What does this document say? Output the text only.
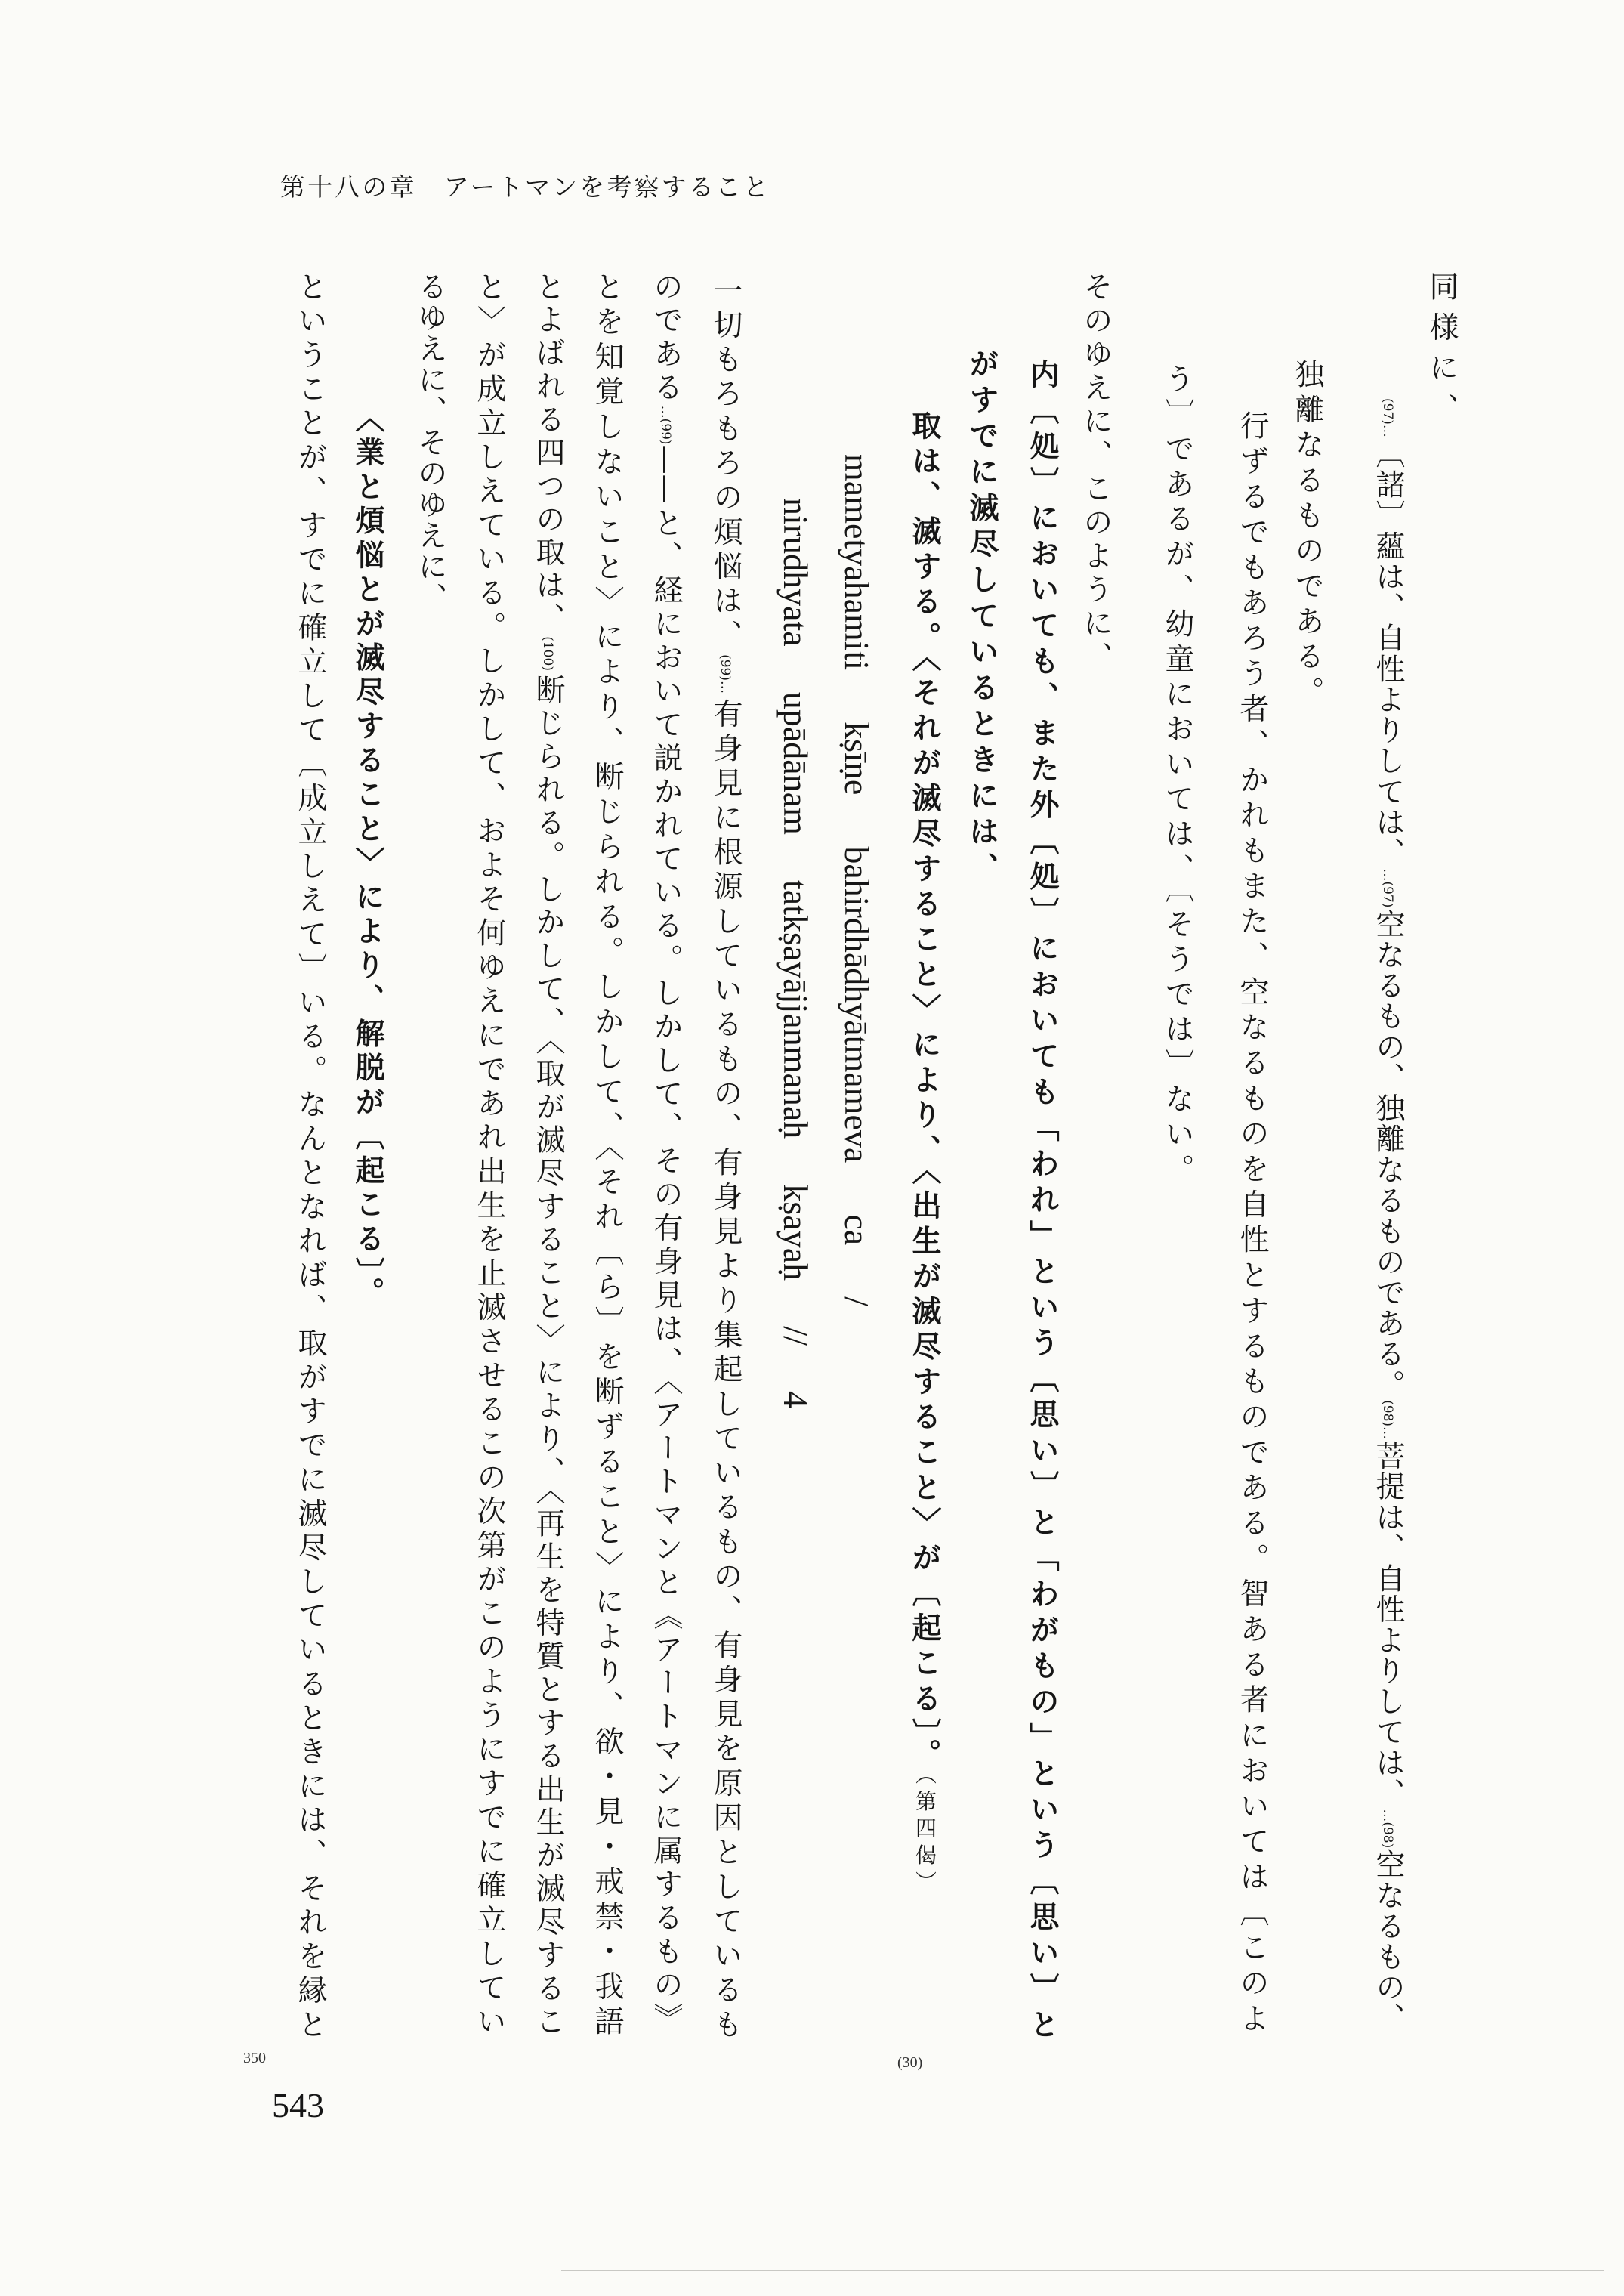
第十八の章　アートマンを考察すること
同様に、
(97)…〔諸〕蘊は、自性よりしては、…(97)空なるもの、独離なるものである。(98)…菩提は、自性よりしては、…(98)空なるもの、
独離なるものである。
行ずるでもあろう者、かれもまた、空なるものを自性とするものである。智ある者においては〔このよ
う〕であるが、幼童においては、〔そうでは〕ない。
そのゆえに、このように、
内〔処〕においても、また外〔処〕においても「われ」という〔思い〕と「わがもの」という〔思い〕と
がすでに滅尽しているときには、
取は、滅する。〈それが滅尽すること〉により、〈出生が滅尽すること〉が〔起こる〕。（第四偈）
mametyahamiti kṣīṇe bahirdhādhyātmameva ca /
nirudhyata upādānam tatkṣayājjanmanaḥ kṣayaḥ // 4
一切もろもろの煩悩は、(99)…有身見に根源しているもの、有身見より集起しているもの、有身見を原因としているも
のである…(99)——と、経において説かれている。しかして、その有身見は、〈アートマンと《アートマンに属するもの》
とを知覚しないこと〉により、断じられる。しかして、〈それ〔ら〕を断ずること〉により、欲・見・戒禁・我語
とよばれる四つの取は、(100)断じられる。しかして、〈取が滅尽すること〉により、〈再生を特質とする出生が滅尽するこ
と〉が成立しえている。しかして、およそ何ゆえにであれ出生を止滅させるこの次第がこのようにすでに確立してい
るゆえに、そのゆえに、
〈業と煩悩とが滅尽すること〉により、解脱が〔起こる〕。
ということが、すでに確立して〔成立しえて〕いる。なんとなれば、取がすでに滅尽しているときには、それを縁と
350
543
(30)
